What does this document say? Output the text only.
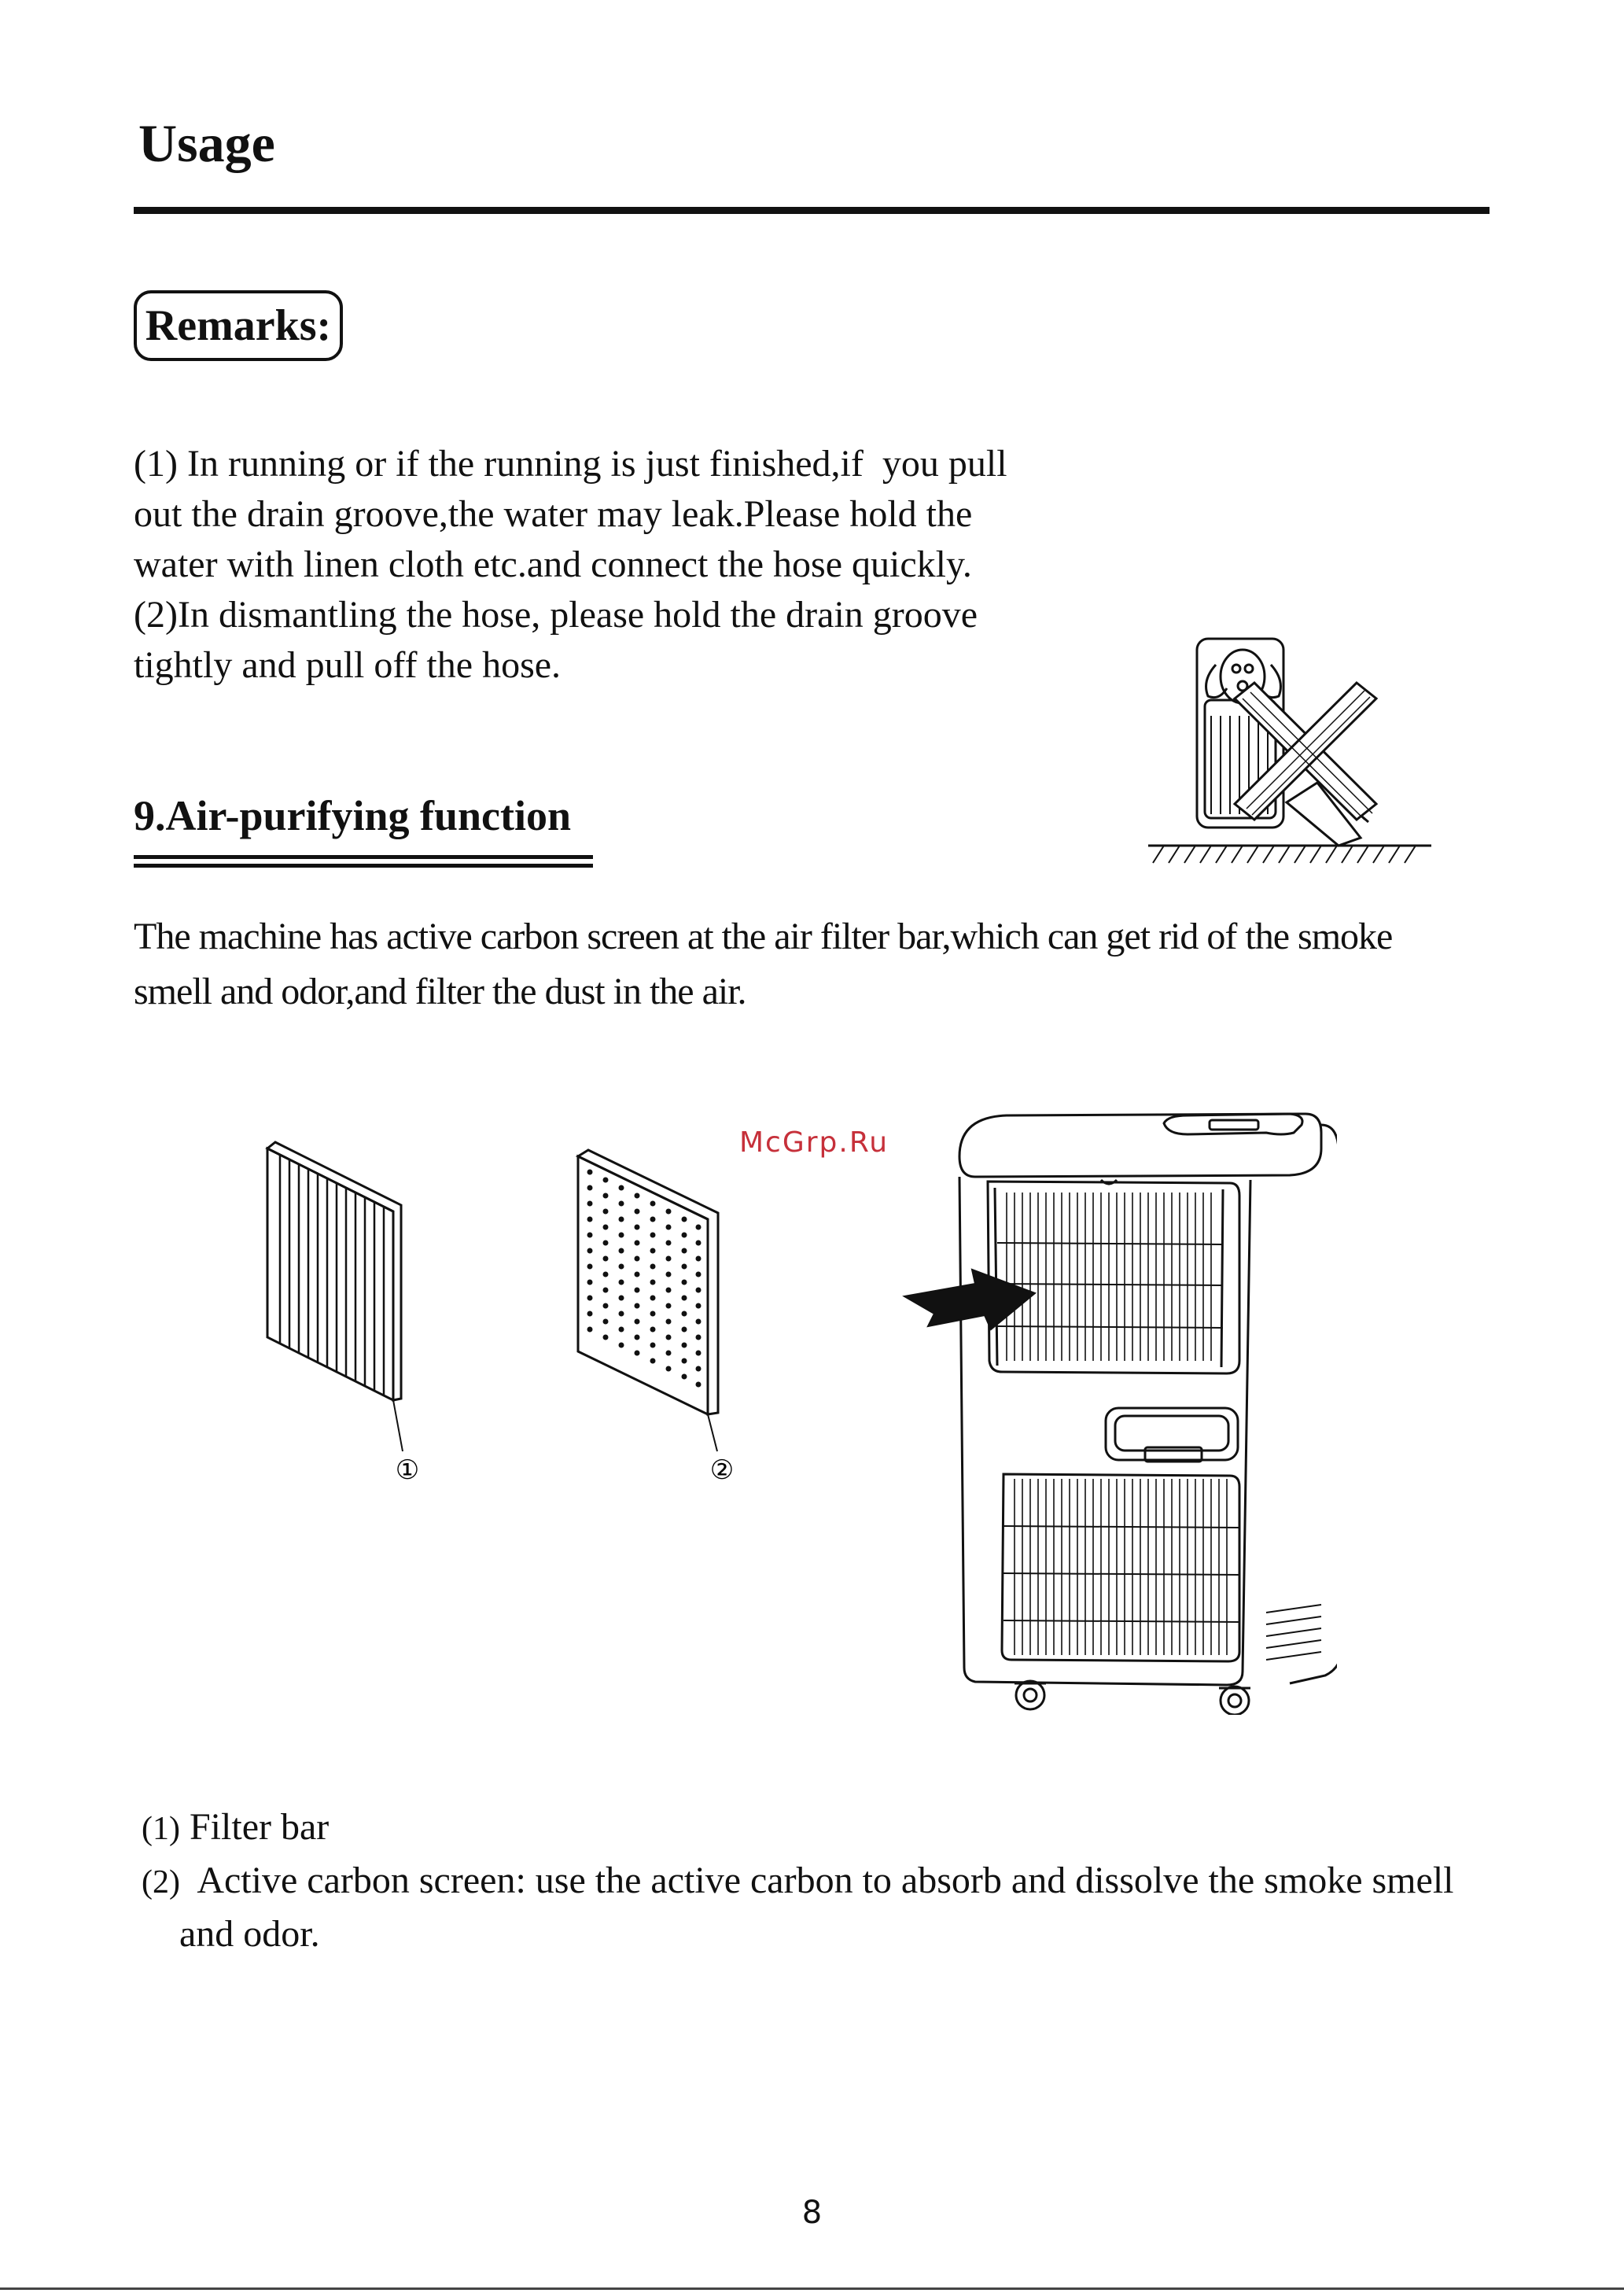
Usage
Remarks:
(1) In running or if the running is just finished,if  you pull
out the drain groove,the water may leak.Please hold the
water with linen cloth etc.and connect the hose quickly.
(2)In dismantling the hose, please hold the drain groove
tightly and pull off the hose.
9.Air-purifying function
The machine has active carbon screen at the air filter bar,which can get rid of the smoke
smell and odor,and filter the dust in the air.
①	②
McGrp.Ru
(1) Filter bar
(2)  Active carbon screen: use the active carbon to absorb and dissolve the smoke smell
and odor.
8
